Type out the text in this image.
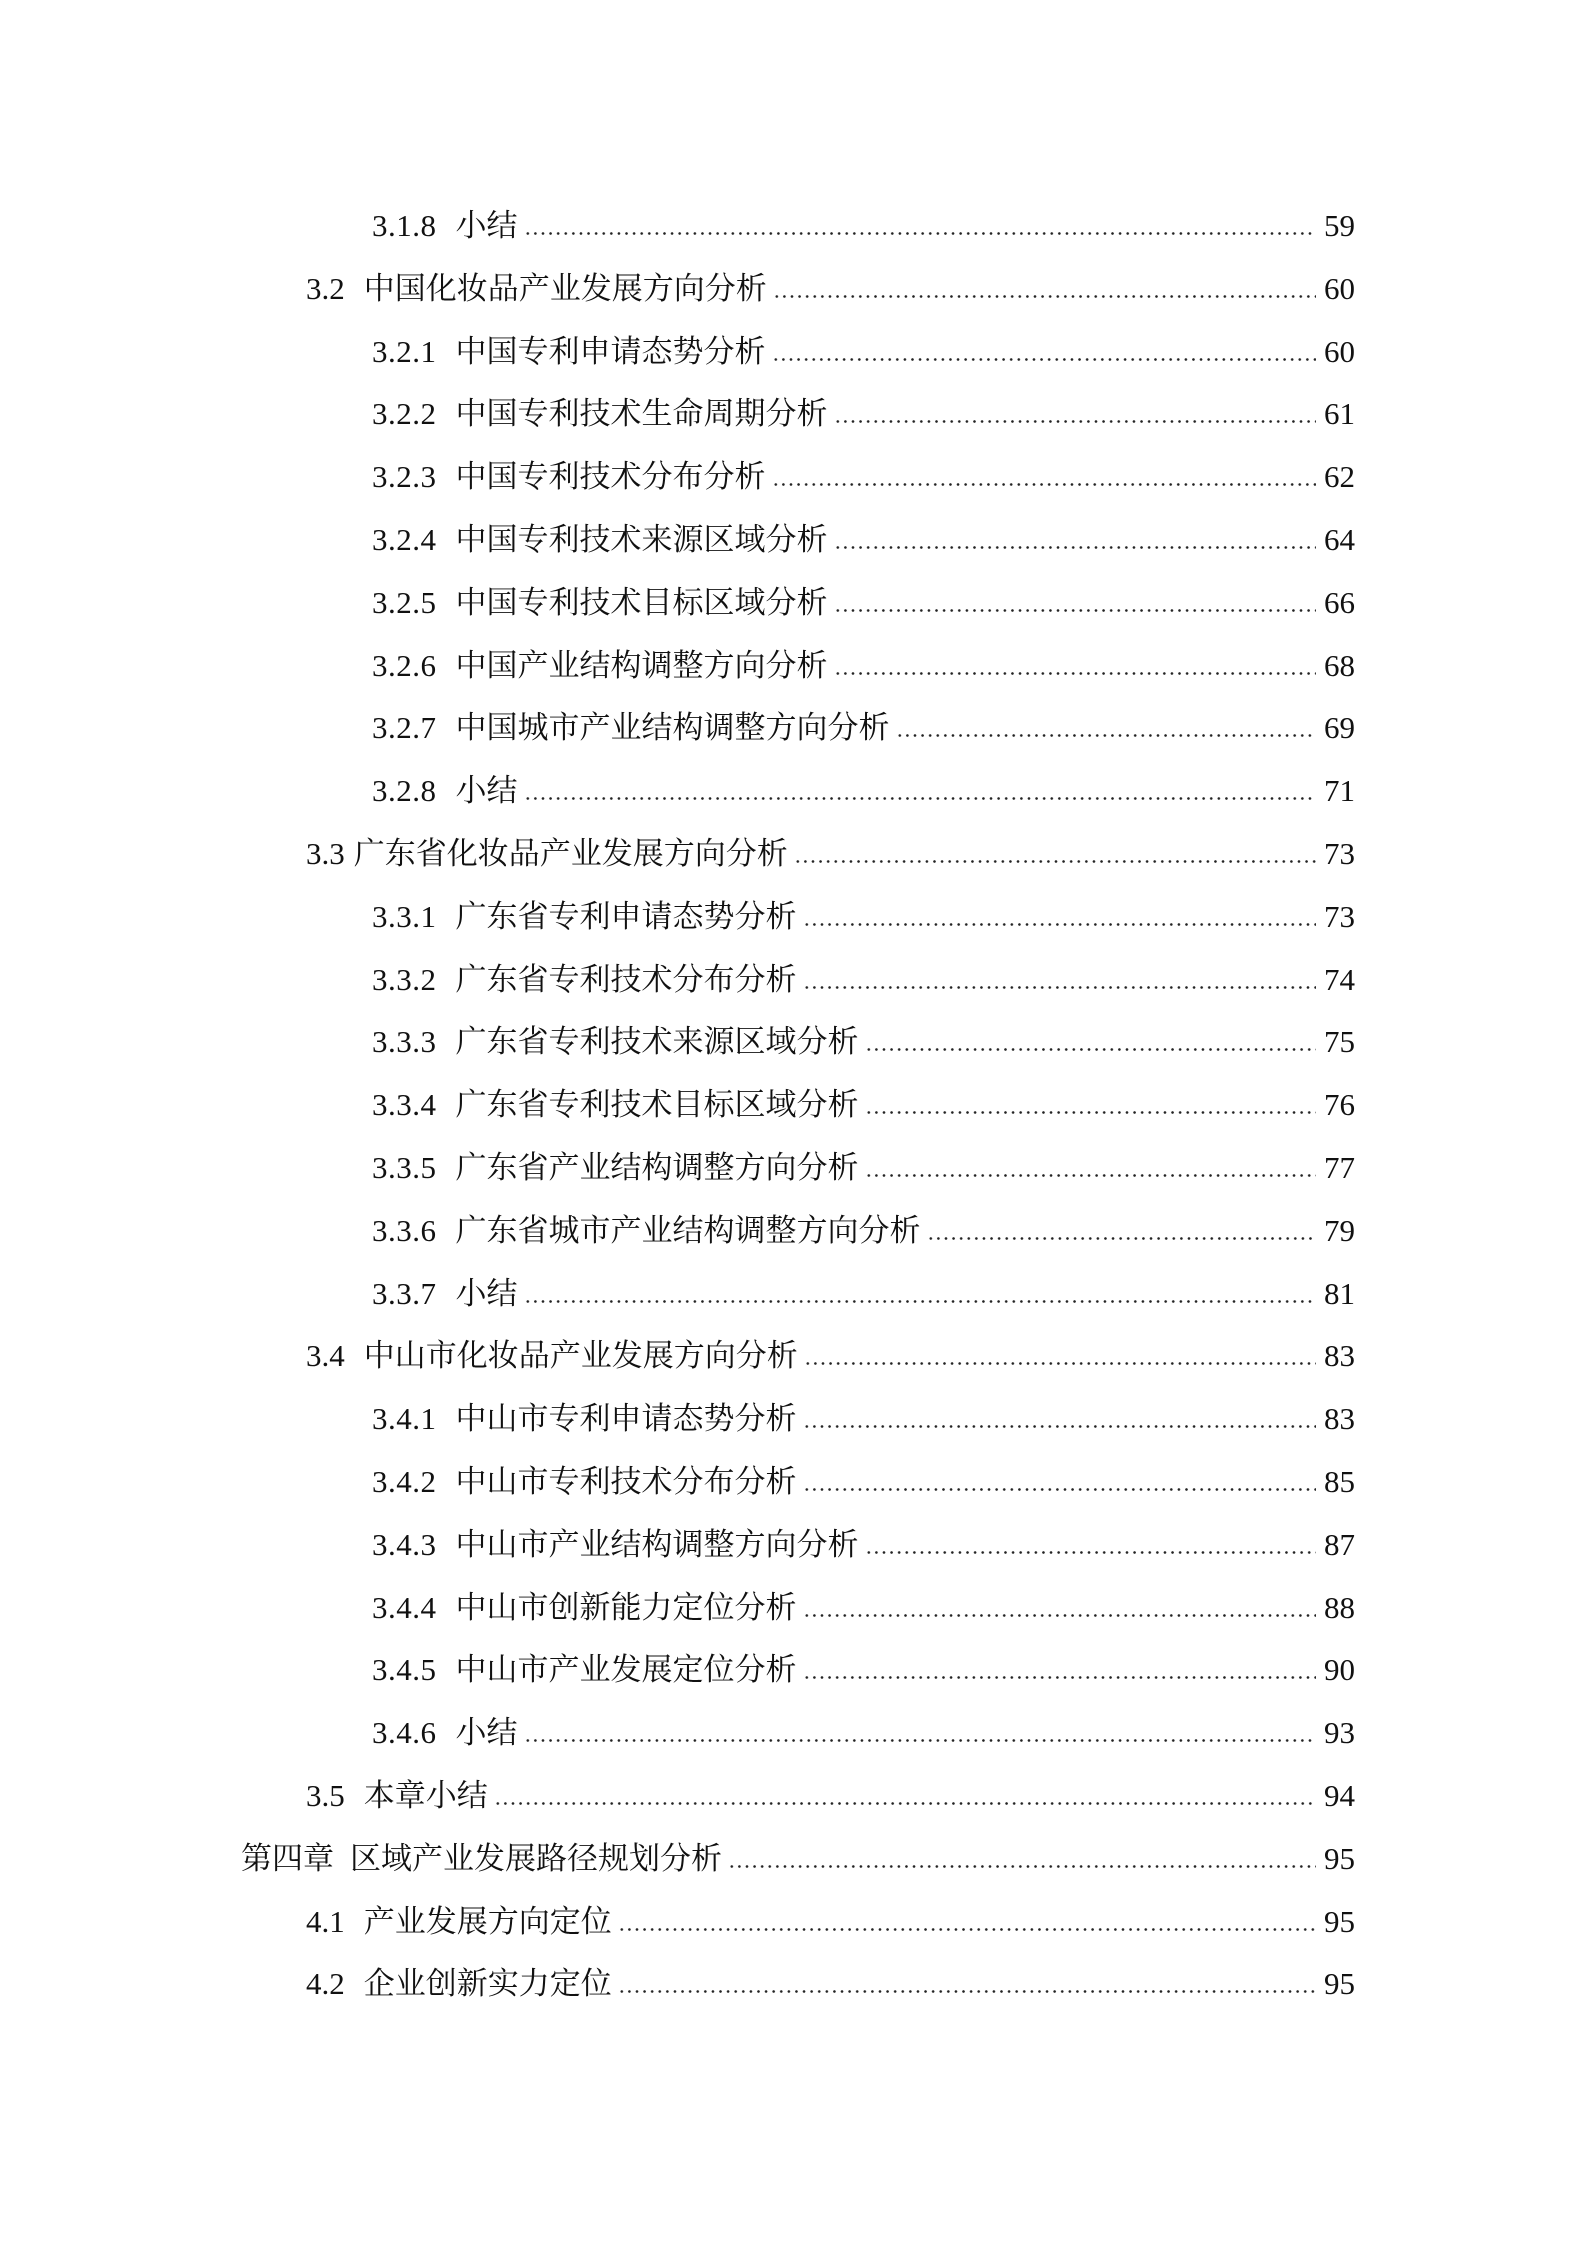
3.1.8 小结	59
3.2 中国化妆品产业发展方向分析	60
3.2.1 中国专利申请态势分析	60
3.2.2 中国专利技术生命周期分析	61
3.2.3 中国专利技术分布分析	62
3.2.4 中国专利技术来源区域分析	64
3.2.5 中国专利技术目标区域分析	66
3.2.6 中国产业结构调整方向分析	68
3.2.7 中国城市产业结构调整方向分析	69
3.2.8 小结	71
3.3 广东省化妆品产业发展方向分析	73
3.3.1 广东省专利申请态势分析	73
3.3.2 广东省专利技术分布分析	74
3.3.3 广东省专利技术来源区域分析	75
3.3.4 广东省专利技术目标区域分析	76
3.3.5 广东省产业结构调整方向分析	77
3.3.6 广东省城市产业结构调整方向分析	79
3.3.7 小结	81
3.4 中山市化妆品产业发展方向分析	83
3.4.1 中山市专利申请态势分析	83
3.4.2 中山市专利技术分布分析	85
3.4.3 中山市产业结构调整方向分析	87
3.4.4 中山市创新能力定位分析	88
3.4.5 中山市产业发展定位分析	90
3.4.6 小结	93
3.5 本章小结	94
第四章 区域产业发展路径规划分析	95
4.1 产业发展方向定位	95
4.2 企业创新实力定位	95
